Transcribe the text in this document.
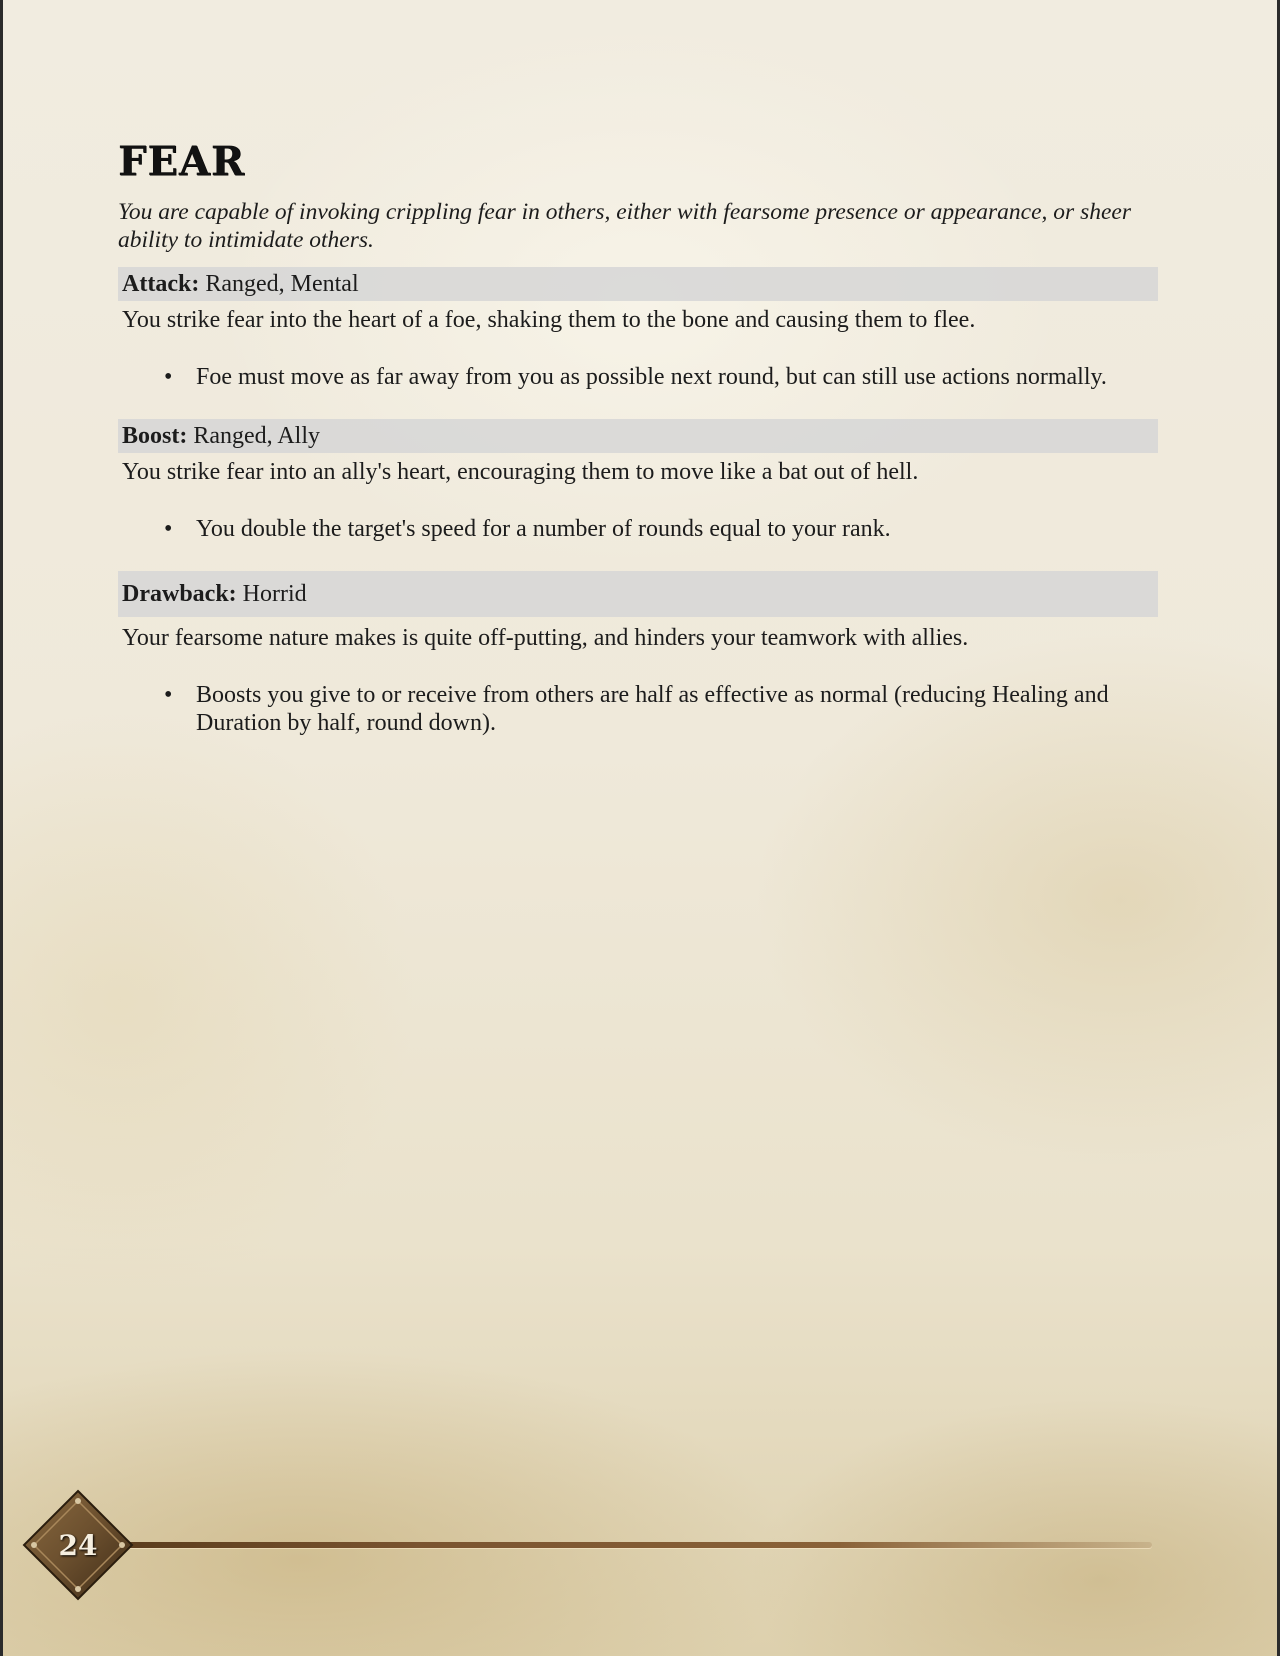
FEAR

You are capable of invoking crippling fear in others, either with fearsome presence or appearance, or sheer ability to intimidate others.

Attack: Ranged, Mental

You strike fear into the heart of a foe, shaking them to the bone and causing them to flee.

• Foe must move as far away from you as possible next round, but can still use actions normally.
Boost: Ranged, Ally

You strike fear into an ally's heart, encouraging them to move like a bat out of hell.

• You double the target's speed for a number of rounds equal to your rank.
Drawback: Horrid

Your fearsome nature makes is quite off-putting, and hinders your teamwork with allies.

• Boosts you give to or receive from others are half as effective as normal (reducing Healing and Duration by half, round down).
24
